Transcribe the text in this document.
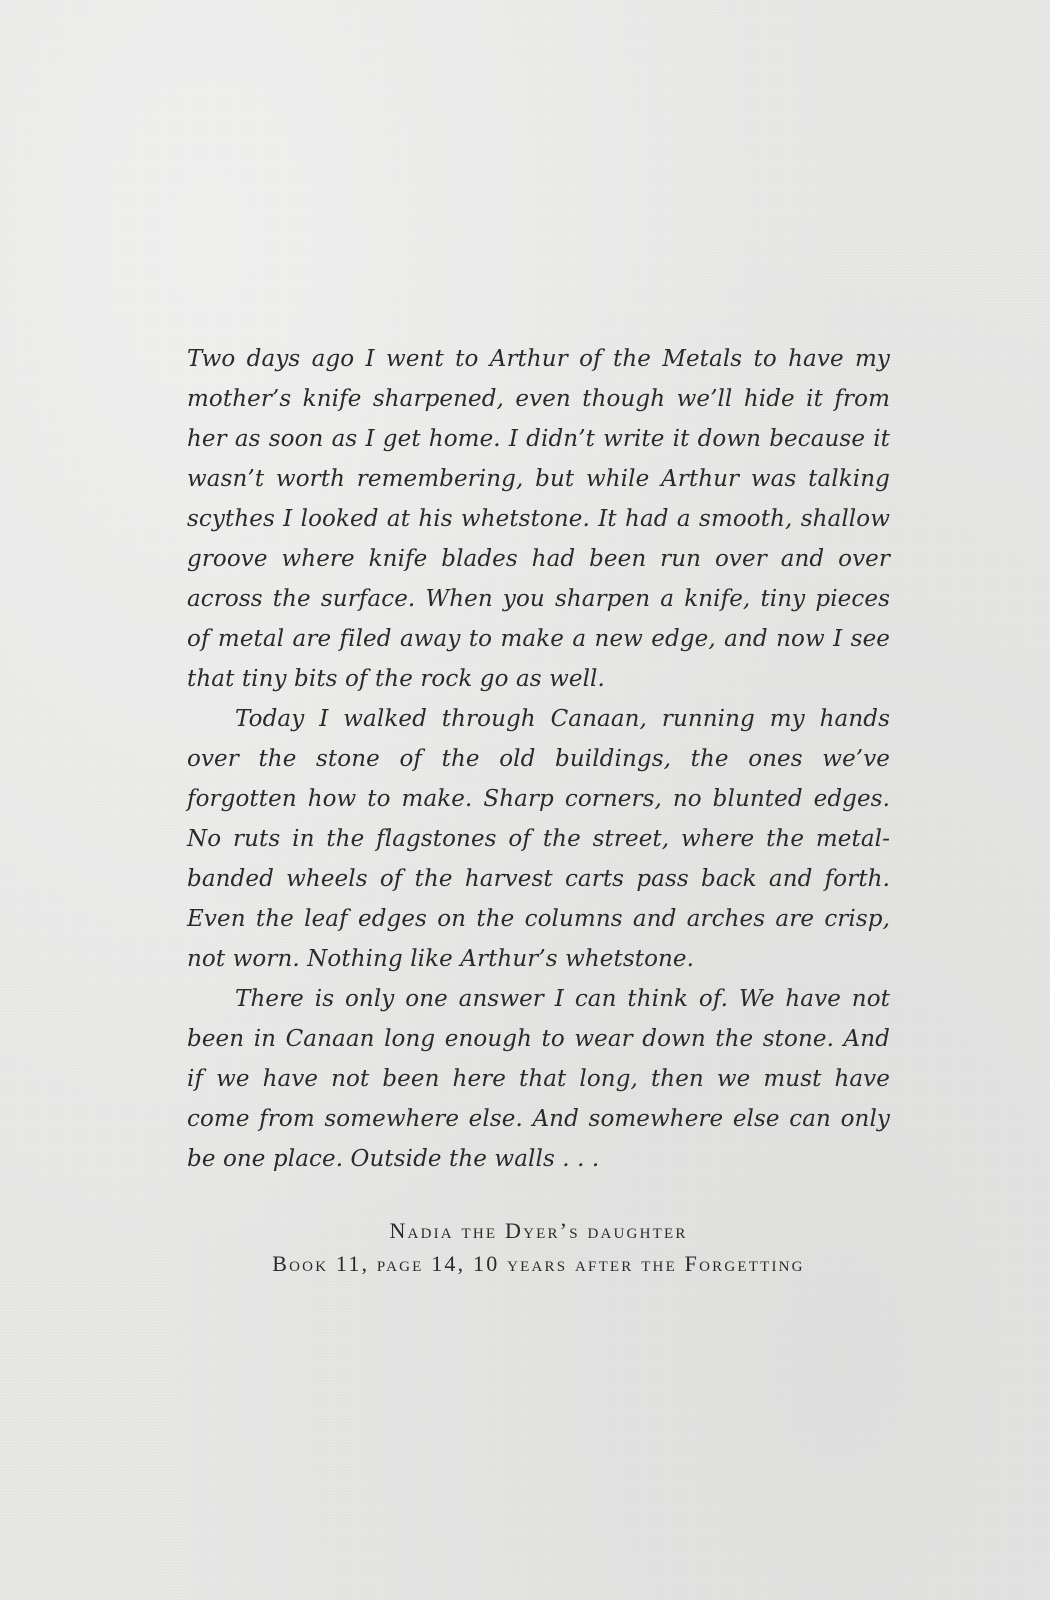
Two days ago I went to Arthur of the Metals to have my mother’s knife sharpened, even though we’ll hide it from her as soon as I get home. I didn’t write it down because it wasn’t worth remembering, but while Arthur was talking scythes I looked at his whetstone. It had a smooth, shallow groove where knife blades had been run over and over across the surface. When you sharpen a knife, tiny pieces of metal are filed away to make a new edge, and now I see that tiny bits of the rock go as well.

Today I walked through Canaan, running my hands over the stone of the old buildings, the ones we’ve forgotten how to make. Sharp corners, no blunted edges. No ruts in the flagstones of the street, where the metal-banded wheels of the harvest carts pass back and forth. Even the leaf edges on the columns and arches are crisp, not worn. Nothing like Arthur’s whetstone.

There is only one answer I can think of. We have not been in Canaan long enough to wear down the stone. And if we have not been here that long, then we must have come from somewhere else. And somewhere else can only be one place. Outside the walls . . .

Nadia the Dyer’s daughter
Book 11, page 14, 10 years after the Forgetting
